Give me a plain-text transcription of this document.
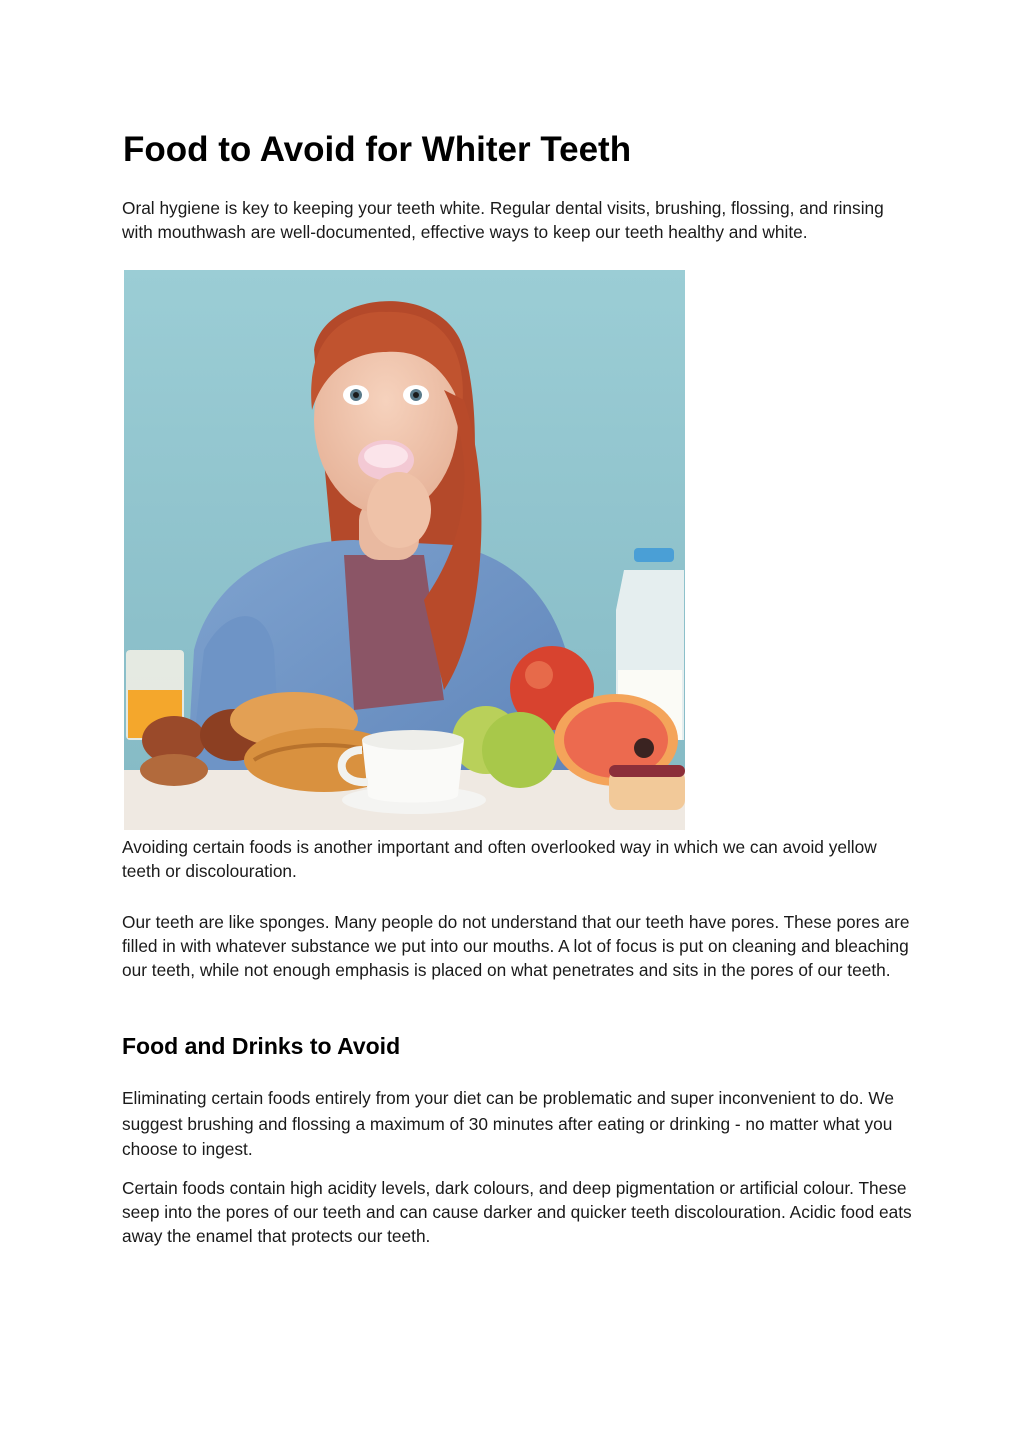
Food to Avoid for Whiter Teeth

Oral hygiene is key to keeping your teeth white. Regular dental visits, brushing, flossing, and rinsing with mouthwash are well-documented, effective ways to keep our teeth healthy and white.

Avoiding certain foods is another important and often overlooked way in which we can avoid yellow teeth or discolouration.

Our teeth are like sponges. Many people do not understand that our teeth have pores. These pores are filled in with whatever substance we put into our mouths. A lot of focus is put on cleaning and bleaching our teeth, while not enough emphasis is placed on what penetrates and sits in the pores of our teeth.

Food and Drinks to Avoid

Eliminating certain foods entirely from your diet can be problematic and super inconvenient to do. We suggest brushing and flossing a maximum of 30 minutes after eating or drinking - no matter what you choose to ingest.

Certain foods contain high acidity levels, dark colours, and deep pigmentation or artificial colour. These seep into the pores of our teeth and can cause darker and quicker teeth discolouration. Acidic food eats away the enamel that protects our teeth.
